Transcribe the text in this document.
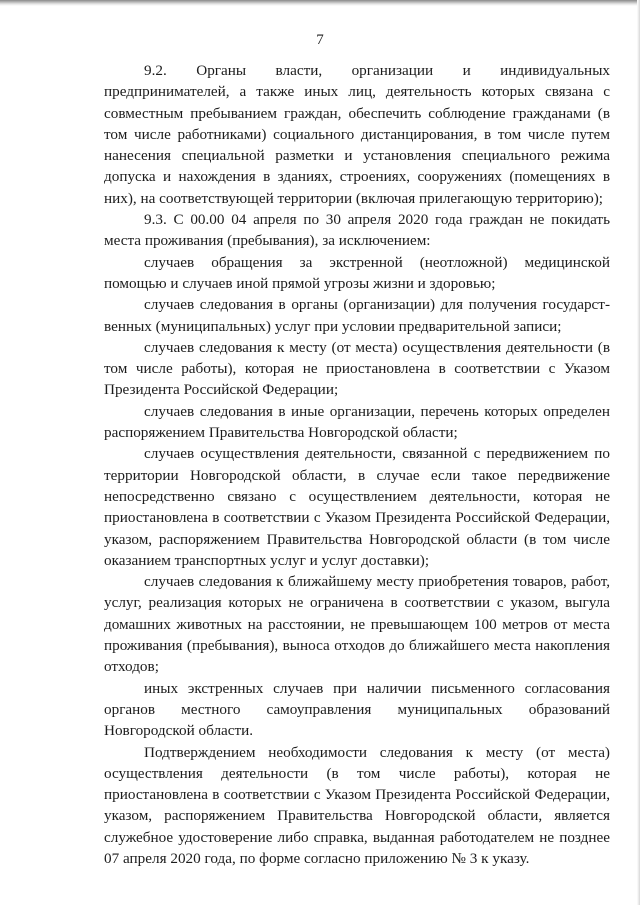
7

9.2. Органы власти, организации и индивидуальных предпринимателей, а также иных лиц, деятельность которых связана с совместным пребыванием граждан, обеспечить соблюдение гражданами (в том числе работниками) социального дистанцирования, в том числе путем нанесения специальной разметки и установления специального режима допуска и нахождения в зданиях, строениях, сооружениях (помещениях в них), на соответствующей территории (включая прилегающую территорию);

9.3. С 00.00 04 апреля по 30 апреля 2020 года граждан не покидать места проживания (пребывания), за исключением:

случаев обращения за экстренной (неотложной) медицинской помощью и случаев иной прямой угрозы жизни и здоровью;

случаев следования в органы (организации) для получения государственных (муниципальных) услуг при условии предварительной записи;

случаев следования к месту (от места) осуществления деятельности (в том числе работы), которая не приостановлена в соответствии с Указом Президента Российской Федерации;

случаев следования в иные организации, перечень которых определен распоряжением Правительства Новгородской области;

случаев осуществления деятельности, связанной с передвижением по территории Новгородской области, в случае если такое передвижение непосредственно связано с осуществлением деятельности, которая не приостановлена в соответствии с Указом Президента Российской Федерации, указом, распоряжением Правительства Новгородской области (в том числе оказанием транспортных услуг и услуг доставки);

случаев следования к ближайшему месту приобретения товаров, работ, услуг, реализация которых не ограничена в соответствии с указом, выгула домашних животных на расстоянии, не превышающем 100 метров от места проживания (пребывания), выноса отходов до ближайшего места накопления отходов;

иных экстренных случаев при наличии письменного согласования органов местного самоуправления муниципальных образований Новгородской области.

Подтверждением необходимости следования к месту (от места) осуществления деятельности (в том числе работы), которая не приостановлена в соответствии с Указом Президента Российской Федерации, указом, распоряжением Правительства Новгородской области, является служебное удостоверение либо справка, выданная работодателем не позднее 07 апреля 2020 года, по форме согласно приложению № 3 к указу.
